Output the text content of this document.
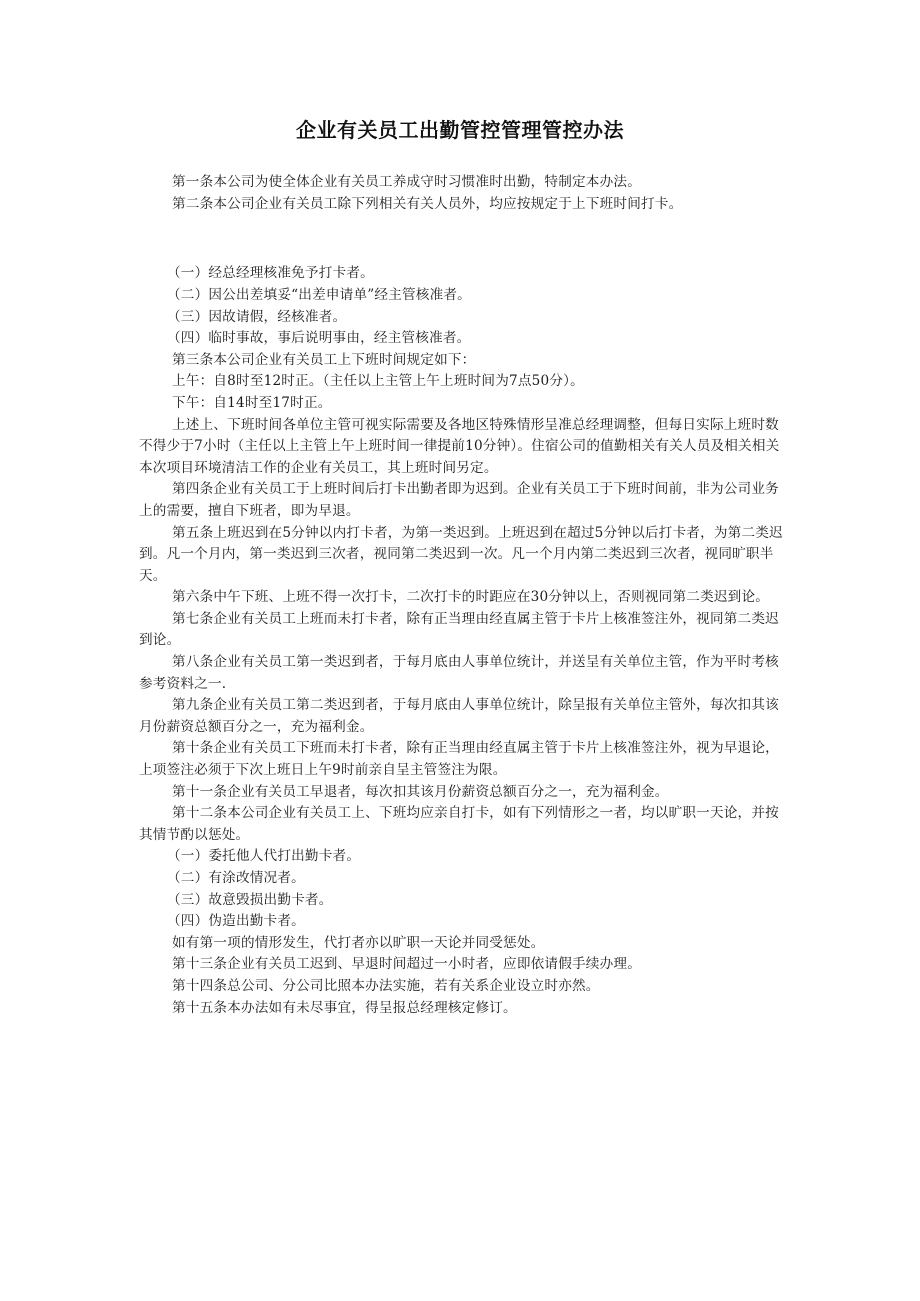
企业有关员工出勤管控管理管控办法

第一条本公司为使全体企业有关员工养成守时习惯准时出勤，特制定本办法。

第二条本公司企业有关员工除下列相关有关人员外，均应按规定于上下班时间打卡。

（一）经总经理核准免予打卡者。

（二）因公出差填妥“出差申请单”经主管核准者。

（三）因故请假，经核准者。

（四）临时事故，事后说明事由，经主管核准者。

第三条本公司企业有关员工上下班时间规定如下：

上午：自8时至12时正。（主任以上主管上午上班时间为7点50分）。

下午：自14时至17时正。

上述上、下班时间各单位主管可视实际需要及各地区特殊情形呈准总经理调整，但每日实际上班时数不得少于7小时（主任以上主管上午上班时间一律提前10分钟）。住宿公司的值勤相关有关人员及相关相关本次项目环境清洁工作的企业有关员工，其上班时间另定。

第四条企业有关员工于上班时间后打卡出勤者即为迟到。企业有关员工于下班时间前，非为公司业务上的需要，擅自下班者，即为早退。

第五条上班迟到在5分钟以内打卡者，为第一类迟到。上班迟到在超过5分钟以后打卡者，为第二类迟到。凡一个月内，第一类迟到三次者，视同第二类迟到一次。凡一个月内第二类迟到三次者，视同旷职半天。

第六条中午下班、上班不得一次打卡，二次打卡的时距应在30分钟以上，否则视同第二类迟到论。

第七条企业有关员工上班而未打卡者，除有正当理由经直属主管于卡片上核准签注外，视同第二类迟到论。

第八条企业有关员工第一类迟到者，于每月底由人事单位统计，并送呈有关单位主管，作为平时考核参考资料之一.

第九条企业有关员工第二类迟到者，于每月底由人事单位统计，除呈报有关单位主管外，每次扣其该月份薪资总额百分之一，充为福利金。

第十条企业有关员工下班而未打卡者，除有正当理由经直属主管于卡片上核准签注外，视为早退论，上项签注必须于下次上班日上午9时前亲自呈主管签注为限。

第十一条企业有关员工早退者，每次扣其该月份薪资总额百分之一，充为福利金。

第十二条本公司企业有关员工上、下班均应亲自打卡，如有下列情形之一者，均以旷职一天论，并按其情节酌以惩处。

（一）委托他人代打出勤卡者。

（二）有涂改情况者。

（三）故意毁损出勤卡者。

（四）伪造出勤卡者。

如有第一项的情形发生，代打者亦以旷职一天论并同受惩处。

第十三条企业有关员工迟到、早退时间超过一小时者，应即依请假手续办理。

第十四条总公司、分公司比照本办法实施，若有关系企业设立时亦然。

第十五条本办法如有未尽事宜，得呈报总经理核定修订。
